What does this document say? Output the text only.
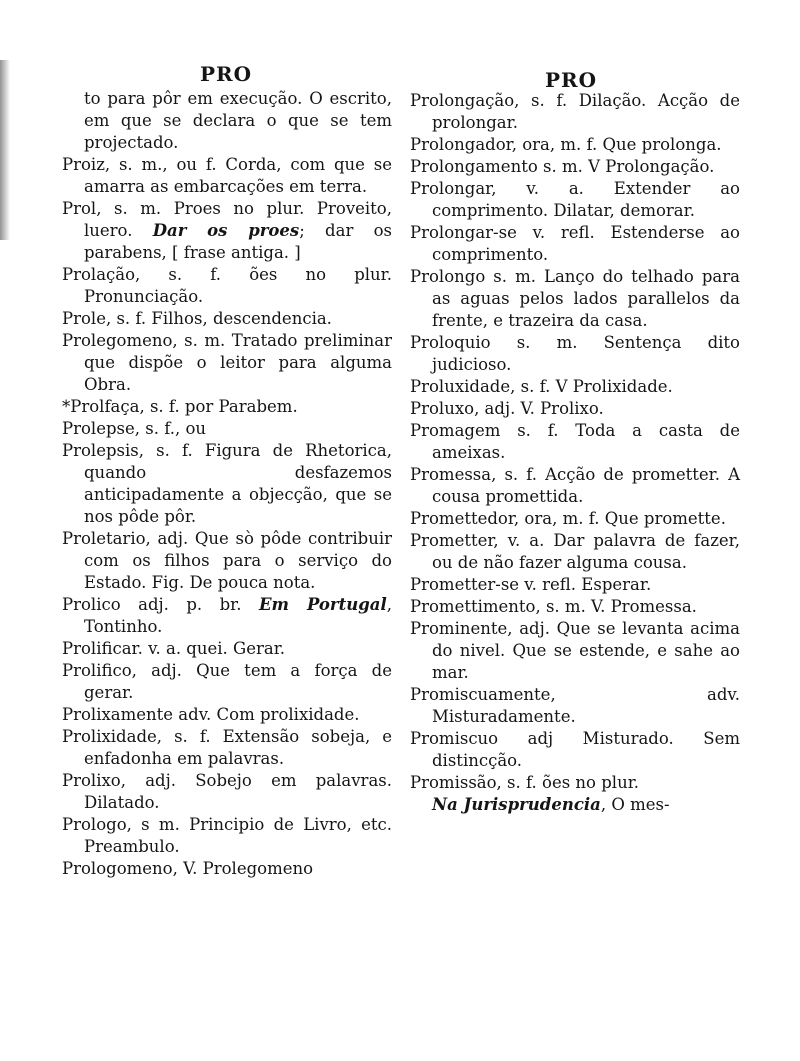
PRO	PRO

to para pôr em execução. O escrito, em que se declara o que se tem projectado.

Proiz, s. m., ou f. Corda, com que se amarra as embarcações em terra.

Prol, s. m. Proes no plur. Proveito, luero. Dar os proes; dar os parabens, [ frase antiga. ]

Prolação, s. f. ões no plur. Pronunciação.

Prole, s. f. Filhos, descendencia.

Prolegomeno, s. m. Tratado preliminar que dispõe o leitor para alguma Obra.

*Prolfaça, s. f. por Parabem.

Prolepse, s. f., ou

Prolepsis, s. f. Figura de Rhetorica, quando desfazemos anticipadamente a objecção, que se nos pôde pôr.

Proletario, adj. Que sò pôde contribuir com os filhos para o serviço do Estado. Fig. De pouca nota.

Prolico adj. p. br. Em Portugal, Tontinho.

Prolificar. v. a. quei. Gerar.

Prolifico, adj. Que tem a força de gerar.

Prolixamente adv. Com prolixidade.

Prolixidade, s. f. Extensão sobeja, e enfadonha em palavras.

Prolixo, adj. Sobejo em palavras. Dilatado.

Prologo, s m. Principio de Livro, etc. Preambulo.

Prologomeno, V. Prolegomeno

Prolongação, s. f. Dilação. Acção de prolongar.

Prolongador, ora, m. f. Que prolonga.

Prolongamento s. m. V Prolongação.

Prolongar, v. a. Extender ao comprimento. Dilatar, demorar.

Prolongar-se v. refl. Estenderse ao comprimento.

Prolongo s. m. Lanço do telhado para as aguas pelos lados parallelos da frente, e trazeira da casa.

Proloquio s. m. Sentença dito judicioso.

Proluxidade, s. f. V Prolixidade.

Proluxo, adj. V. Prolixo.

Promagem s. f. Toda a casta de ameixas.

Promessa, s. f. Acção de prometter. A cousa promettida.

Promettedor, ora, m. f. Que promette.

Prometter, v. a. Dar palavra de fazer, ou de não fazer alguma cousa.

Prometter-se v. refl. Esperar.

Promettimento, s. m. V. Promessa.

Prominente, adj. Que se levanta acima do nivel. Que se estende, e sahe ao mar.

Promiscuamente, adv. Misturadamente.

Promiscuo adj Misturado. Sem distincção.

Promissão, s. f. ões no plur.

Na Jurisprudencia, O mes-
